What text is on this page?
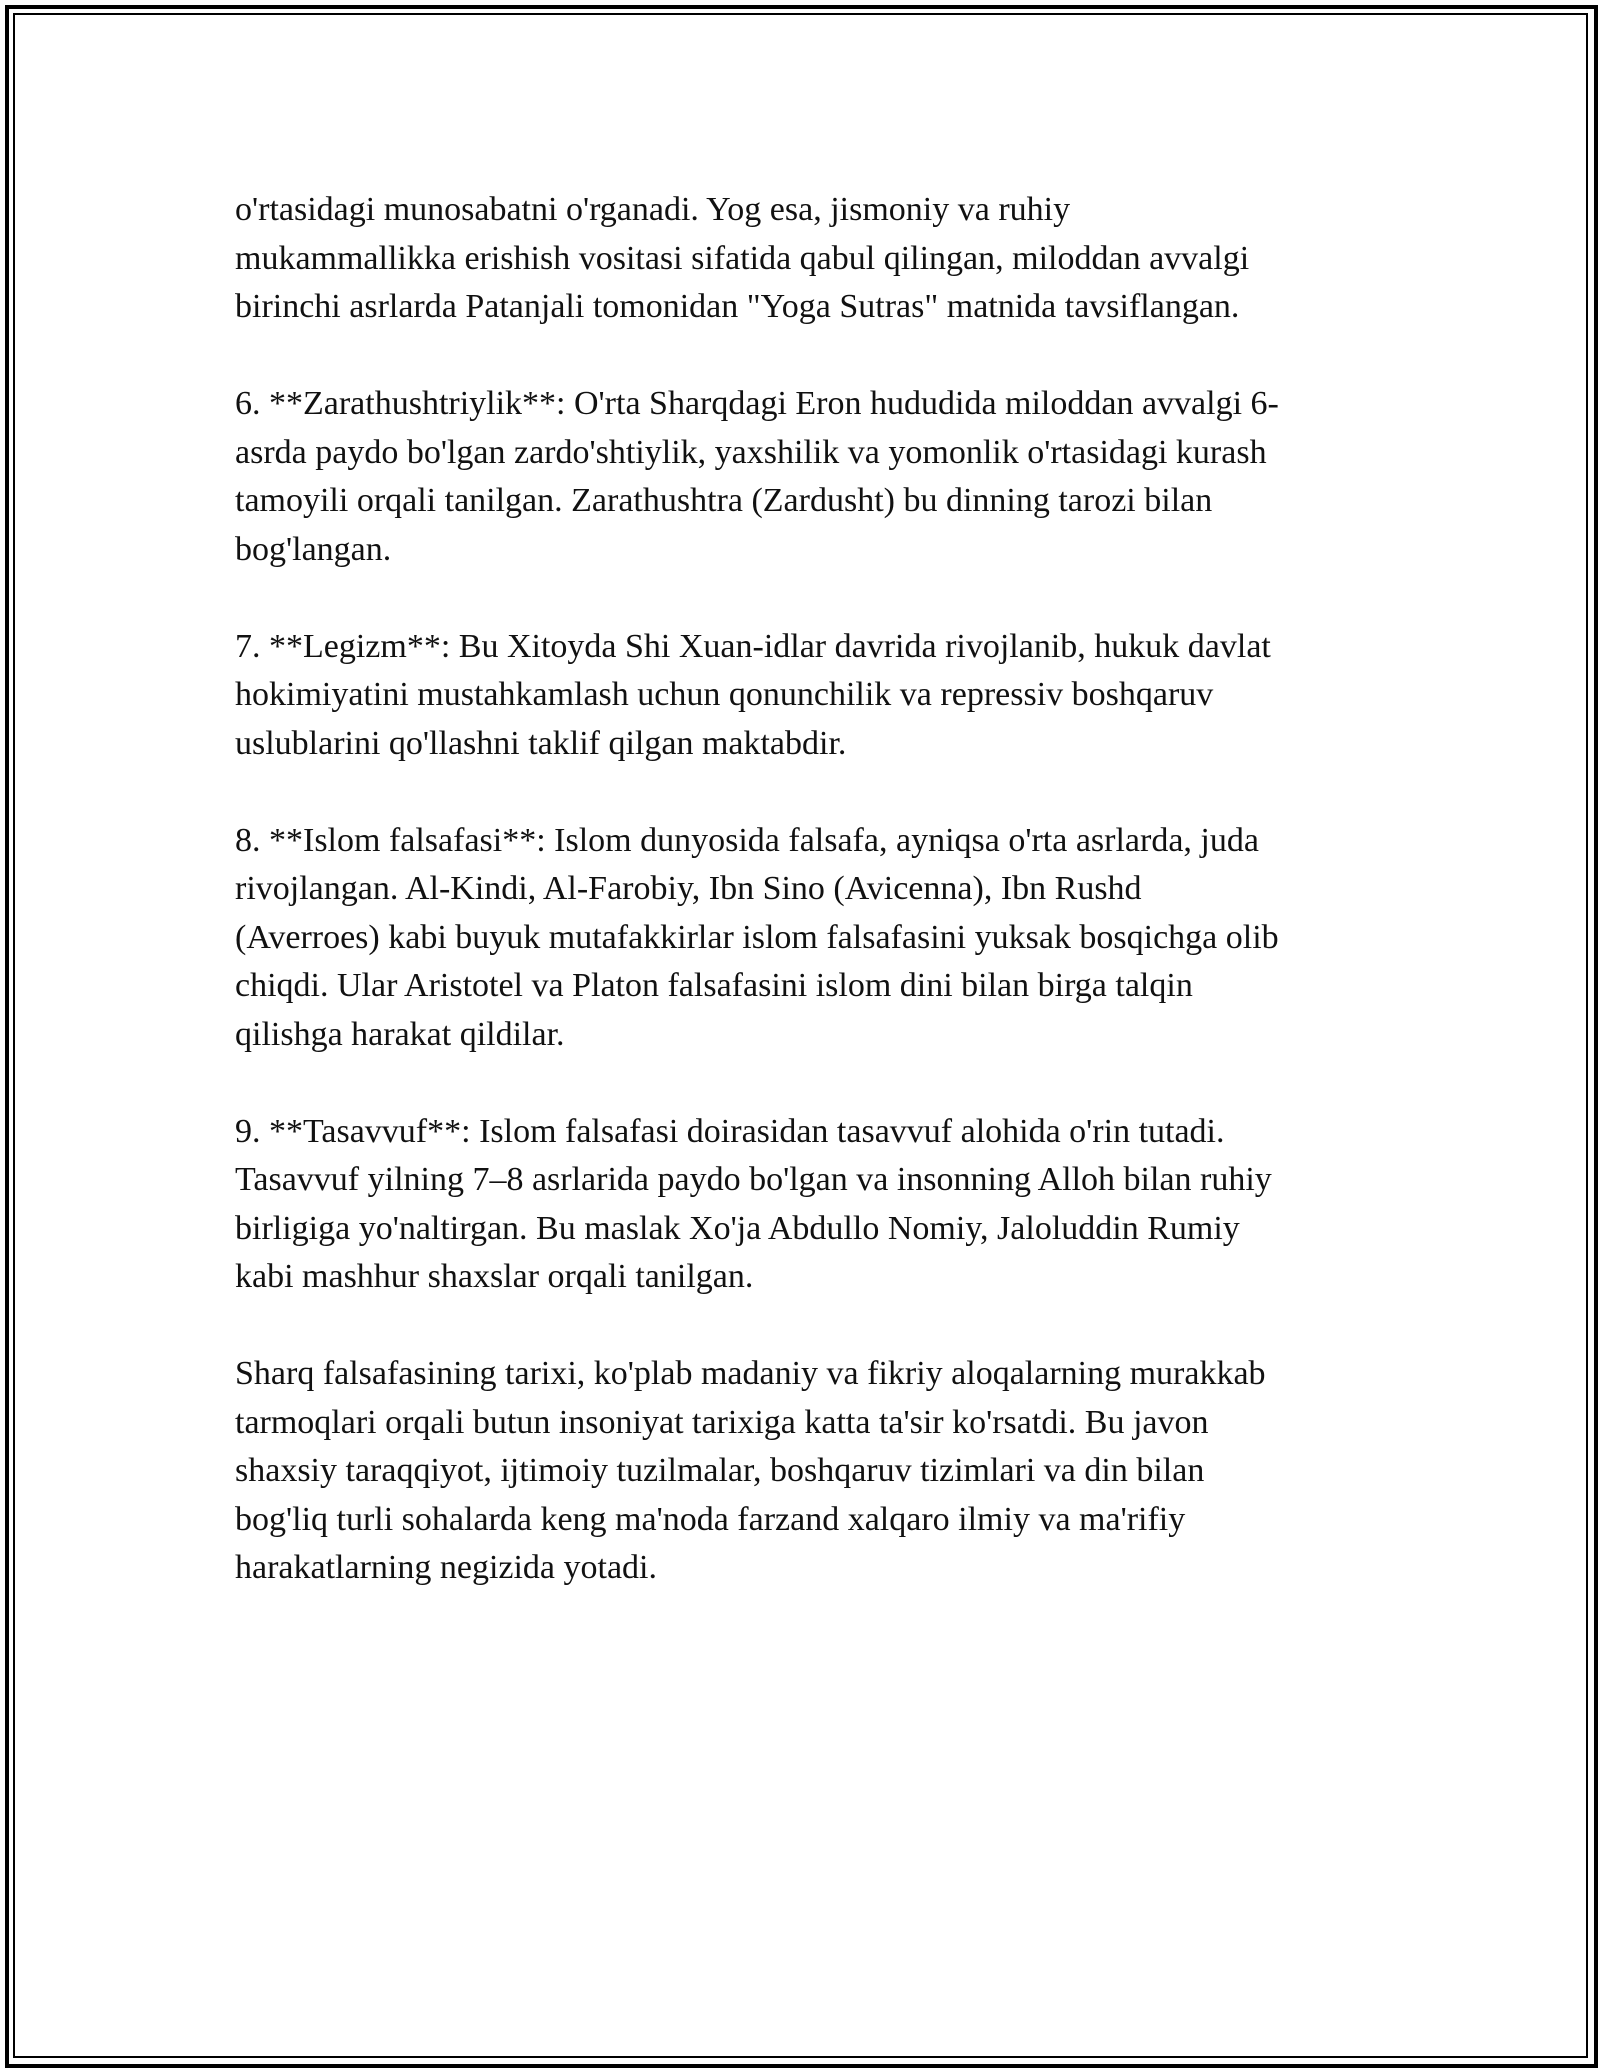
o'rtasidagi munosabatni o'rganadi. Yog esa, jismoniy va ruhiy
mukammallikka erishish vositasi sifatida qabul qilingan, miloddan avvalgi
birinchi asrlarda Patanjali tomonidan "Yoga Sutras" matnida tavsiflangan.

6. **Zarathushtriylik**: O'rta Sharqdagi Eron hududida miloddan avvalgi 6-
asrda paydo bo'lgan zardo'shtiylik, yaxshilik va yomonlik o'rtasidagi kurash
tamoyili orqali tanilgan. Zarathushtra (Zardusht) bu dinning tarozi bilan
bog'langan.

7. **Legizm**: Bu Xitoyda Shi Xuan-idlar davrida rivojlanib, hukuk davlat
hokimiyatini mustahkamlash uchun qonunchilik va repressiv boshqaruv
uslublarini qo'llashni taklif qilgan maktabdir.

8. **Islom falsafasi**: Islom dunyosida falsafa, ayniqsa o'rta asrlarda, juda
rivojlangan. Al-Kindi, Al-Farobiy, Ibn Sino (Avicenna), Ibn Rushd
(Averroes) kabi buyuk mutafakkirlar islom falsafasini yuksak bosqichga olib
chiqdi. Ular Aristotel va Platon falsafasini islom dini bilan birga talqin
qilishga harakat qildilar.

9. **Tasavvuf**: Islom falsafasi doirasidan tasavvuf alohida o'rin tutadi.
Tasavvuf yilning 7–8 asrlarida paydo bo'lgan va insonning Alloh bilan ruhiy
birligiga yo'naltirgan. Bu maslak Xo'ja Abdullo Nomiy, Jaloluddin Rumiy
kabi mashhur shaxslar orqali tanilgan.

Sharq falsafasining tarixi, ko'plab madaniy va fikriy aloqalarning murakkab
tarmoqlari orqali butun insoniyat tarixiga katta ta'sir ko'rsatdi. Bu javon
shaxsiy taraqqiyot, ijtimoiy tuzilmalar, boshqaruv tizimlari va din bilan
bog'liq turli sohalarda keng ma'noda farzand xalqaro ilmiy va ma'rifiy
harakatlarning negizida yotadi.
